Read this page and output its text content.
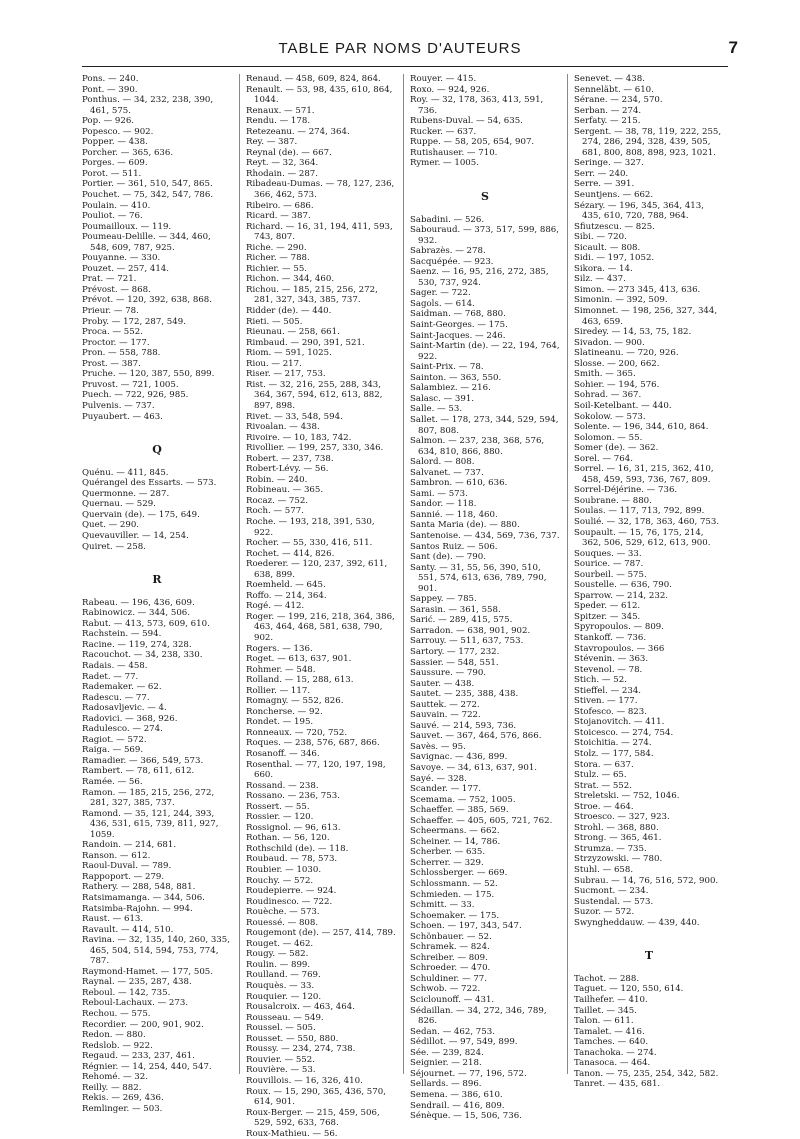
TABLE PAR NOMS D'AUTEURS	7
Pons. — 240.
Pont. — 390.
Ponthus. — 34, 232, 238, 390, 461, 575.
Pop. — 926.
Popesco. — 902.
Popper. — 438.
Porcher. — 365, 636.
Porges. — 609.
Porot. — 511.
Portier. — 361, 510, 547, 865.
Pouchet. — 75, 342, 547, 786.
Poulain. — 410.
Pouliot. — 76.
Poumailloux. — 119.
Poumeau-Delille. — 344, 460, 548, 609, 787, 925.
Pouyanne. — 330.
Pouzet. — 257, 414.
Prat. — 721.
Prévost. — 868.
Prévot. — 120, 392, 638, 868.
Prieur. — 78.
Proby. — 172, 287, 549.
Proca. — 552.
Proctor. — 177.
Pron. — 558, 788.
Prost. — 387.
Pruche. — 120, 387, 550, 899.
Pruvost. — 721, 1005.
Puech. — 722, 926, 985.
Pulvenis. — 737.
Puyaubert. — 463.
Q
Quénu. — 411, 845.
Quérangel des Essarts. — 573.
Quermonne. — 287.
Quernau. — 529.
Quervain (de). — 175, 649.
Quet. — 290.
Quevauviller. — 14, 254.
Quiret. — 258.
R
Rabeau. — 196, 436, 609.
Rabinowicz. — 344, 506.
Rabut. — 413, 573, 609, 610.
Rachstein. — 594.
Racine. — 119, 274, 328.
Racouchot. — 34, 238, 330.
Radais. — 458.
Radet. — 77.
Rademaker. — 62.
Radescu. — 77.
Radosavljevic. — 4.
Radovici. — 368, 926.
Radulesco. — 274.
Ragiot. — 572.
Raiga. — 569.
Ramadier. — 366, 549, 573.
Rambert. — 78, 611, 612.
Ramée. — 56.
Ramon. — 185, 215, 256, 272, 281, 327, 385, 737.
Ramond. — 35, 121, 244, 393, 436, 531, 615, 739, 811, 927, 1059.
Randoin. — 214, 681.
Ranson. — 612.
Raoul-Duval. — 789.
Rappoport. — 279.
Rathery. — 288, 548, 881.
Ratsimamanga. — 344, 506.
Ratsimba-Rajohn. — 994.
Raust. — 613.
Ravault. — 414, 510.
Ravina. — 32, 135, 140, 260, 335, 465, 504, 514, 594, 753, 774, 787.
Raymond-Hamet. — 177, 505.
Raynal. — 235, 287, 438.
Reboul. — 142, 735.
Reboul-Lachaux. — 273.
Rechou. — 575.
Recordier. — 200, 901, 902.
Redon. — 880.
Redslob. — 922.
Regaud. — 233, 237, 461.
Régnier. — 14, 254, 440, 547.
Rehomé. — 32.
Reilly. — 882.
Rekis. — 269, 436.
Remlinger. — 503.
Renaud. — 458, 609, 824, 864.
Renault. — 53, 98, 435, 610, 864, 1044.
Renaux. — 571.
Rendu. — 178.
Retezeanu. — 274, 364.
Rey. — 387.
Reynal (de). — 667.
Reyt. — 32, 364.
Rhodain. — 287.
Ribadeau-Dumas. — 78, 127, 236, 366, 462, 573.
Ribeiro. — 686.
Ricard. — 387.
Richard. — 16, 31, 194, 411, 593, 743, 807.
Riche. — 290.
Richer. — 788.
Richier. — 55.
Richon. — 344, 460.
Richou. — 185, 215, 256, 272, 281, 327, 343, 385, 737.
Ridder (de). — 440.
Rieti. — 505.
Rieunau. — 258, 661.
Rimbaud. — 290, 391, 521.
Riom. — 591, 1025.
Riou. — 217.
Riser. — 217, 753.
Rist. — 32, 216, 255, 288, 343, 364, 367, 594, 612, 613, 882, 897, 898.
Rivet. — 33, 548, 594.
Rivoalan. — 438.
Rivoire. — 10, 183, 742.
Rivollier. — 199, 257, 330, 346.
Robert. — 237, 738.
Robert-Lévy. — 56.
Robin. — 240.
Robineau. — 365.
Rocaz. — 752.
Roch. — 577.
Roche. — 193, 218, 391, 530, 922.
Rocher. — 55, 330, 416, 511.
Rochet. — 414, 826.
Roederer. — 120, 237, 392, 611, 638, 899.
Roemheld. — 645.
Roffo. — 214, 364.
Rogé. — 412.
Roger. — 199, 216, 218, 364, 386, 463, 464, 468, 581, 638, 790, 902.
Rogers. — 136.
Roget. — 613, 637, 901.
Rohmer. — 548.
Rolland. — 15, 288, 613.
Rollier. — 117.
Romagny. — 552, 826.
Roncherse. — 92.
Rondet. — 195.
Ronneaux. — 720, 752.
Roques. — 238, 576, 687, 866.
Rosanoff. — 346.
Rosenthal. — 77, 120, 197, 198, 660.
Rossand. — 238.
Rossano. — 236, 753.
Rossert. — 55.
Rossier. — 120.
Rossignol. — 96, 613.
Rothan. — 56, 120.
Rothschild (de). — 118.
Roubaud. — 78, 573.
Roubier. — 1030.
Rouchy. — 572.
Roudepierre. — 924.
Roudinesco. — 722.
Rouèche. — 573.
Rouessé. — 808.
Rougemont (de). — 257, 414, 789.
Rouget. — 462.
Rougy. — 582.
Roulin. — 899.
Roulland. — 769.
Rouquès. — 33.
Rouquier. — 120.
Rousalcroix. — 463, 464.
Rousseau. — 549.
Roussel. — 505.
Rousset. — 550, 880.
Roussy. — 234, 274, 738.
Rouvier. — 552.
Rouvière. — 53.
Rouvillois. — 16, 326, 410.
Roux. — 15, 290, 365, 436, 570, 614, 901.
Roux-Berger. — 215, 459, 506, 529, 592, 633, 768.
Roux-Mathieu. — 56.
Rouyer. — 415.
Roxo. — 924, 926.
Roy. — 32, 178, 363, 413, 591, 736.
Rubens-Duval. — 54, 635.
Rucker. — 637.
Ruppe. — 58, 205, 654, 907.
Rutishauser. — 710.
Rymer. — 1005.
S
Sabadini. — 526.
Sabouraud. — 373, 517, 599, 886, 932.
Sabrazès. — 278.
Sacquépée. — 923.
Saenz. — 16, 95, 216, 272, 385, 530, 737, 924.
Sager. — 722.
Sagols. — 614.
Saidman. — 768, 880.
Saint-Georges. — 175.
Saint-Jacques. — 246.
Saint-Martin (de). — 22, 194, 764, 922.
Saint-Prix. — 78.
Sainton. — 363, 550.
Salambiez. — 216.
Salasc. — 391.
Salle. — 53.
Sallet. — 178, 273, 344, 529, 594, 807, 808.
Salmon. — 237, 238, 368, 576, 634, 810, 866, 880.
Salord. — 808.
Salvanet. — 737.
Sambron. — 610, 636.
Sami. — 573.
Sandor. — 118.
Sannié. — 118, 460.
Santa Maria (de). — 880.
Santenoise. — 434, 569, 736, 737.
Santos Ruiz. — 506.
Sant (de). — 790.
Santy. — 31, 55, 56, 390, 510, 551, 574, 613, 636, 789, 790, 901.
Sappey. — 785.
Sarasin. — 361, 558.
Sarić. — 289, 415, 575.
Sarradon. — 638, 901, 902.
Sarrouy. — 511, 637, 753.
Sartory. — 177, 232.
Sassier. — 548, 551.
Saussure. — 790.
Sauter. — 438.
Sautet. — 235, 388, 438.
Sauttek. — 272.
Sauvain. — 722.
Sauvé. — 214, 593, 736.
Sauvet. — 367, 464, 576, 866.
Savès. — 95.
Savignac. — 436, 899.
Savoye. — 34, 613, 637, 901.
Sayé. — 328.
Scander. — 177.
Scemama. — 752, 1005.
Schaeffer. — 385, 569.
Schaeffer. — 405, 605, 721, 762.
Scheermans. — 662.
Scheiner. — 14, 786.
Scherber. — 635.
Scherrer. — 329.
Schlossberger. — 669.
Schlossmann. — 52.
Schmieden. — 175.
Schmitt. — 33.
Schoemaker. — 175.
Schoen. — 197, 343, 547.
Schönbauer. — 52.
Schramek. — 824.
Schreiber. — 809.
Schroeder. — 470.
Schuldiner. — 77.
Schwob. — 722.
Sciclounoff. — 431.
Sédaillan. — 34, 272, 346, 789, 826.
Sedan. — 462, 753.
Sédillot. — 97, 549, 899.
Sée. — 239, 824.
Seignier. — 218.
Séjournet. — 77, 196, 572.
Sellards. — 896.
Semena. — 386, 610.
Sendrail. — 416, 809.
Sénèque. — 15, 506, 736.
Senevet. — 438.
Senneläbt. — 610.
Sérane. — 234, 570.
Serban. — 274.
Serfaty. — 215.
Sergent. — 38, 78, 119, 222, 255, 274, 286, 294, 328, 439, 505, 681, 800, 808, 898, 923, 1021.
Seringe. — 327.
Serr. — 240.
Serre. — 391.
Seuntjens. — 662.
Sézary. — 196, 345, 364, 413, 435, 610, 720, 788, 964.
Sfiutzescu. — 825.
Sibi. — 720.
Sicault. — 808.
Sidi. — 197, 1052.
Sikora. — 14.
Silz. — 437.
Simon. — 273 345, 413, 636.
Simonin. — 392, 509.
Simonnet. — 198, 256, 327, 344, 463, 659.
Siredey. — 14, 53, 75, 182.
Sivadon. — 900.
Slatineanu. — 720, 926.
Slosse. — 200, 662.
Smith. — 365.
Sohier. — 194, 576.
Sohrad. — 367.
Soil-Ketelbant. — 440.
Sokolow. — 573.
Solente. — 196, 344, 610, 864.
Solomon. — 55.
Somer (de). — 362.
Sorel. — 764.
Sorrel. — 16, 31, 215, 362, 410, 458, 459, 593, 736, 767, 809.
Sorrel-Déjérine. — 736.
Soubrane. — 880.
Soulas. — 117, 713, 792, 899.
Soulié. — 32, 178, 363, 460, 753.
Soupault. — 15, 76, 175, 214, 362, 506, 529, 612, 613, 900.
Souques. — 33.
Sourice. — 787.
Sourbeil. — 575.
Soustelle. — 636, 790.
Sparrow. — 214, 232.
Speder. — 612.
Spitzer. — 345.
Spyropoulos. — 809.
Stankoff. — 736.
Stavropoulos. — 366
Stévenin. — 363.
Stevenol. — 78.
Stich. — 52.
Stieffel. — 234.
Stiven. — 177.
Stofesco. — 823.
Stojanovitch. — 411.
Stoicesco. — 274, 754.
Stoichitia. — 274.
Stolz. — 177, 584.
Stora. — 637.
Stulz. — 65.
Strat. — 552.
Streletski. — 752, 1046.
Stroe. — 464.
Stroesco. — 327, 923.
Strohl. — 368, 880.
Strong. — 365, 461.
Strumza. — 735.
Strzyzowski. — 780.
Stuhl. — 658.
Subrau. — 14, 76, 516, 572, 900.
Sucmont. — 234.
Sustendal. — 573.
Suzor. — 572.
Swyngheddauw. — 439, 440.
T
Tachot. — 288.
Taguet. — 120, 550, 614.
Tailhefer. — 410.
Taillet. — 345.
Talon. — 611.
Tamalet. — 416.
Tamches. — 640.
Tanachoka. — 274.
Tanasoca. — 464.
Tanon. — 75, 235, 254, 342, 582.
Tanret. — 435, 681.
